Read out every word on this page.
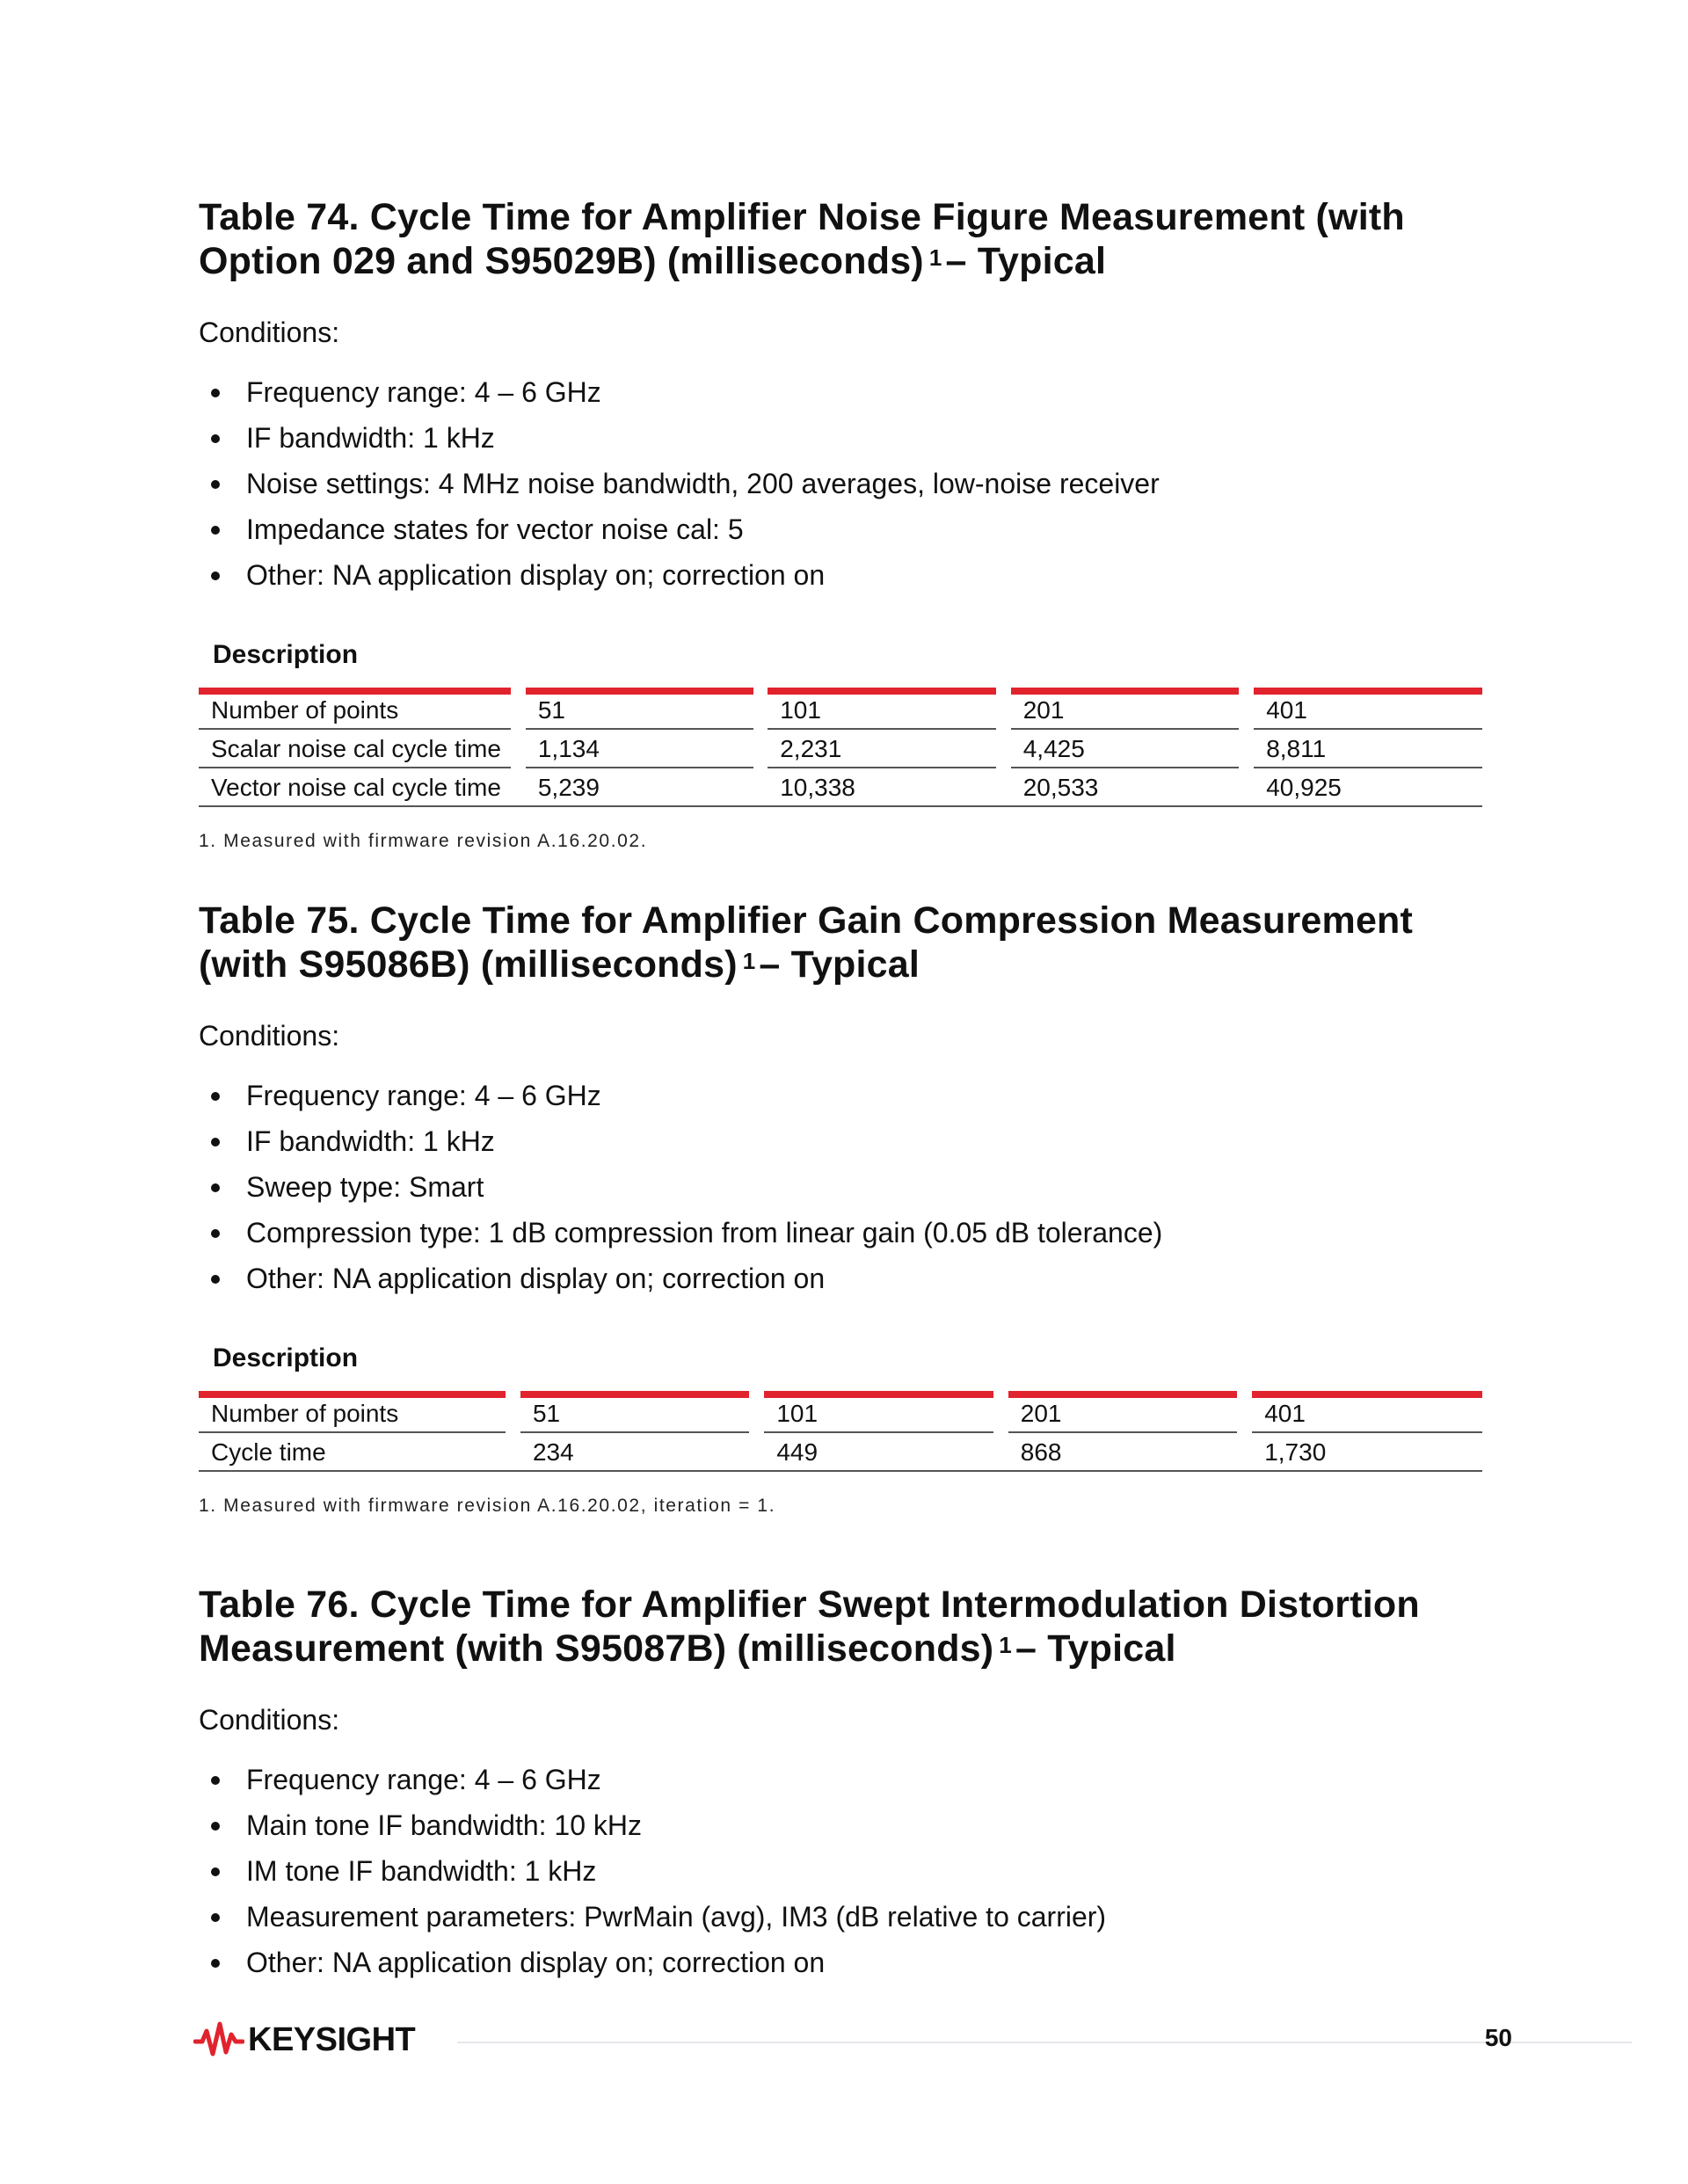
Table 74. Cycle Time for Amplifier Noise Figure Measurement (with Option 029 and S95029B) (milliseconds) $^1$– Typical

Conditions:

Frequency range: 4 – 6 GHz
IF bandwidth: 1 kHz
Noise settings: 4 MHz noise bandwidth, 200 averages, low-noise receiver
Impedance states for vector noise cal: 5
Other: NA application display on; correction on
Description
Number of points		51		101		201		401
Scalar noise cal cycle time		1,134		2,231		4,425		8,811
Vector noise cal cycle time		5,239		10,338		20,533		40,925

1. Measured with firmware revision A.16.20.02.

Table 75. Cycle Time for Amplifier Gain Compression Measurement (with S95086B) (milliseconds) $^1$– Typical

Conditions:

Frequency range: 4 – 6 GHz
IF bandwidth: 1 kHz
Sweep type: Smart
Compression type: 1 dB compression from linear gain (0.05 dB tolerance)
Other: NA application display on; correction on
Description
Number of points		51		101		201		401
Cycle time		234		449		868		1,730

1. Measured with firmware revision A.16.20.02, iteration = 1.

Table 76. Cycle Time for Amplifier Swept Intermodulation Distortion Measurement (with S95087B) (milliseconds) $^1$– Typical

Conditions:

Frequency range: 4 – 6 GHz
Main tone IF bandwidth: 10 kHz
IM tone IF bandwidth: 1 kHz
Measurement parameters: PwrMain (avg), IM3 (dB relative to carrier)
Other: NA application display on; correction on
KEYSIGHT	50
